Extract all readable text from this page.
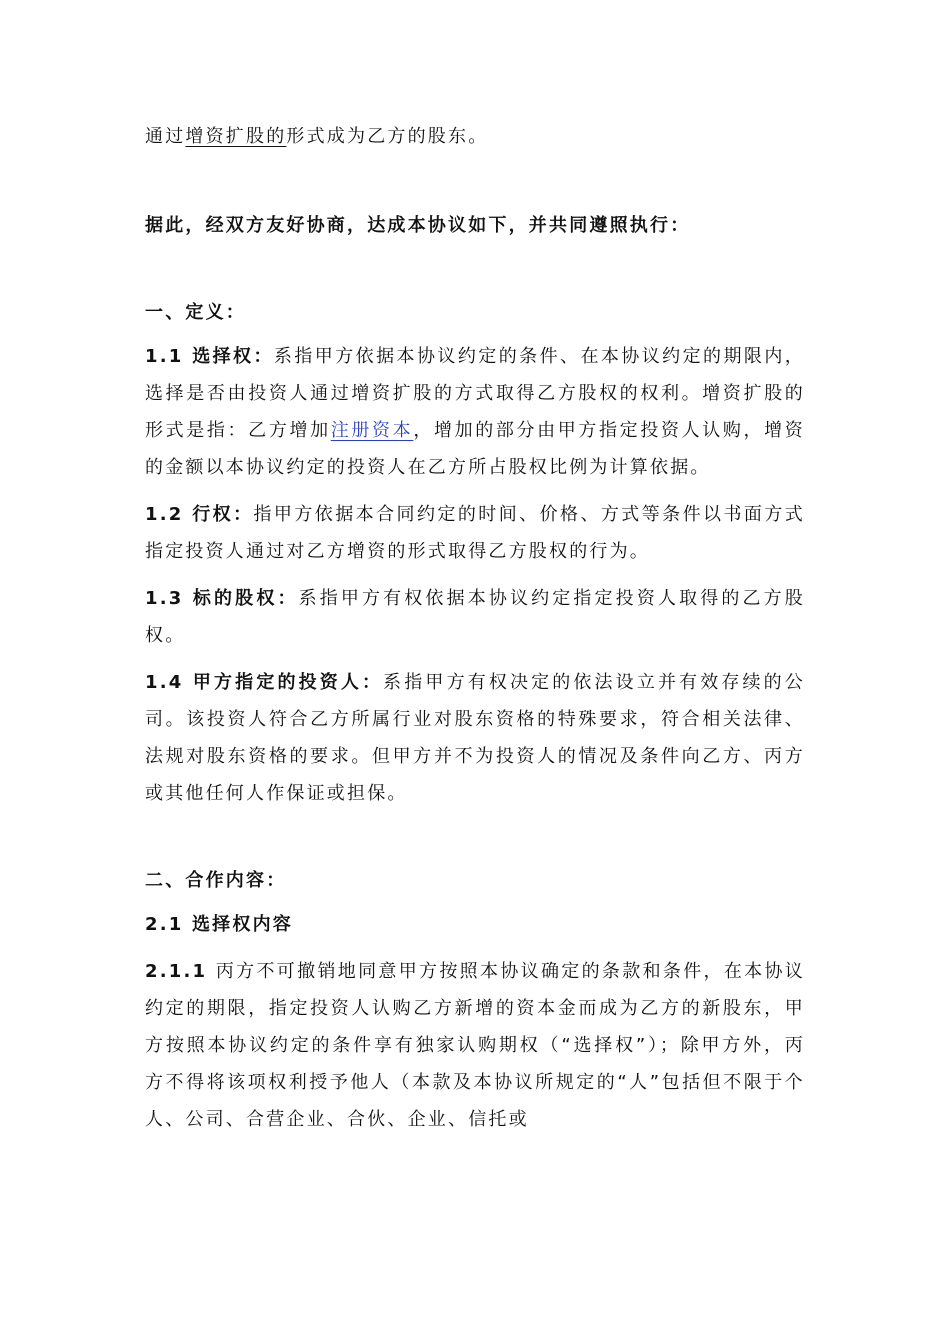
通过增资扩股的形式成为乙方的股东。

据此，经双方友好协商，达成本协议如下，并共同遵照执行：

一、定义：

1.1 选择权：系指甲方依据本协议约定的条件、在本协议约定的期限内，选择是否由投资人通过增资扩股的方式取得乙方股权的权利。增资扩股的形式是指：乙方增加注册资本，增加的部分由甲方指定投资人认购，增资的金额以本协议约定的投资人在乙方所占股权比例为计算依据。

1.2 行权：指甲方依据本合同约定的时间、价格、方式等条件以书面方式指定投资人通过对乙方增资的形式取得乙方股权的行为。

1.3 标的股权：系指甲方有权依据本协议约定指定投资人取得的乙方股权。

1.4 甲方指定的投资人：系指甲方有权决定的依法设立并有效存续的公司。该投资人符合乙方所属行业对股东资格的特殊要求，符合相关法律、法规对股东资格的要求。但甲方并不为投资人的情况及条件向乙方、丙方或其他任何人作保证或担保。

二、合作内容：

2.1 选择权内容

2.1.1 丙方不可撤销地同意甲方按照本协议确定的条款和条件，在本协议约定的期限，指定投资人认购乙方新增的资本金而成为乙方的新股东，甲方按照本协议约定的条件享有独家认购期权（“选择权”）；除甲方外，丙方不得将该项权利授予他人（本款及本协议所规定的“人”包括但不限于个人、公司、合营企业、合伙、企业、信托或
